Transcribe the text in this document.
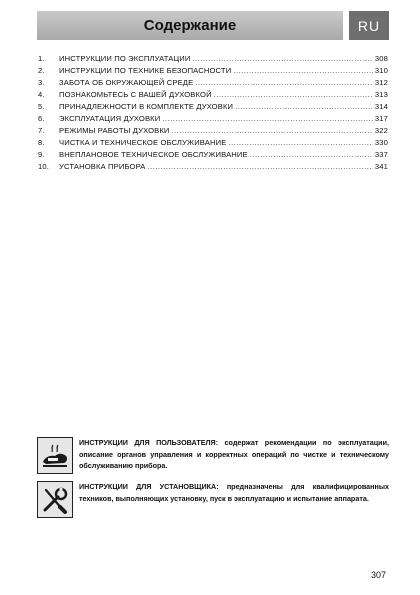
Содержание	RU
1.	ИНСТРУКЦИИ ПО ЭКСПЛУАТАЦИИ .....	308
2.	ИНСТРУКЦИИ ПО ТЕХНИКЕ БЕЗОПАСНОСТИ .....	310
3.	ЗАБОТА ОБ ОКРУЖАЮЩЕЙ СРЕДЕ .....	312
4.	ПОЗНАКОМЬТЕСЬ С ВАШЕЙ ДУХОВКОЙ .....	313
5.	ПРИНАДЛЕЖНОСТИ В КОМПЛЕКТЕ ДУХОВКИ .....	314
6.	ЭКСПЛУАТАЦИЯ ДУХОВКИ .....	317
7.	РЕЖИМЫ РАБОТЫ ДУХОВКИ .....	322
8.	ЧИСТКА И ТЕХНИЧЕСКОЕ ОБСЛУЖИВАНИЕ .....	330
9.	ВНЕПЛАНОВОЕ ТЕХНИЧЕСКОЕ ОБСЛУЖИВАНИЕ .....	337
10.	УСТАНОВКА ПРИБОРА .....	341
ИНСТРУКЦИИ ДЛЯ ПОЛЬЗОВАТЕЛЯ: содержат рекомендации по эксплуатации, описание органов управления и корректных операций по чистке и техническому обслуживанию прибора.
ИНСТРУКЦИИ ДЛЯ УСТАНОВЩИКА: предназначены для квалифицированных техников, выполняющих установку, пуск в эксплуатацию и испытание аппарата.
307
